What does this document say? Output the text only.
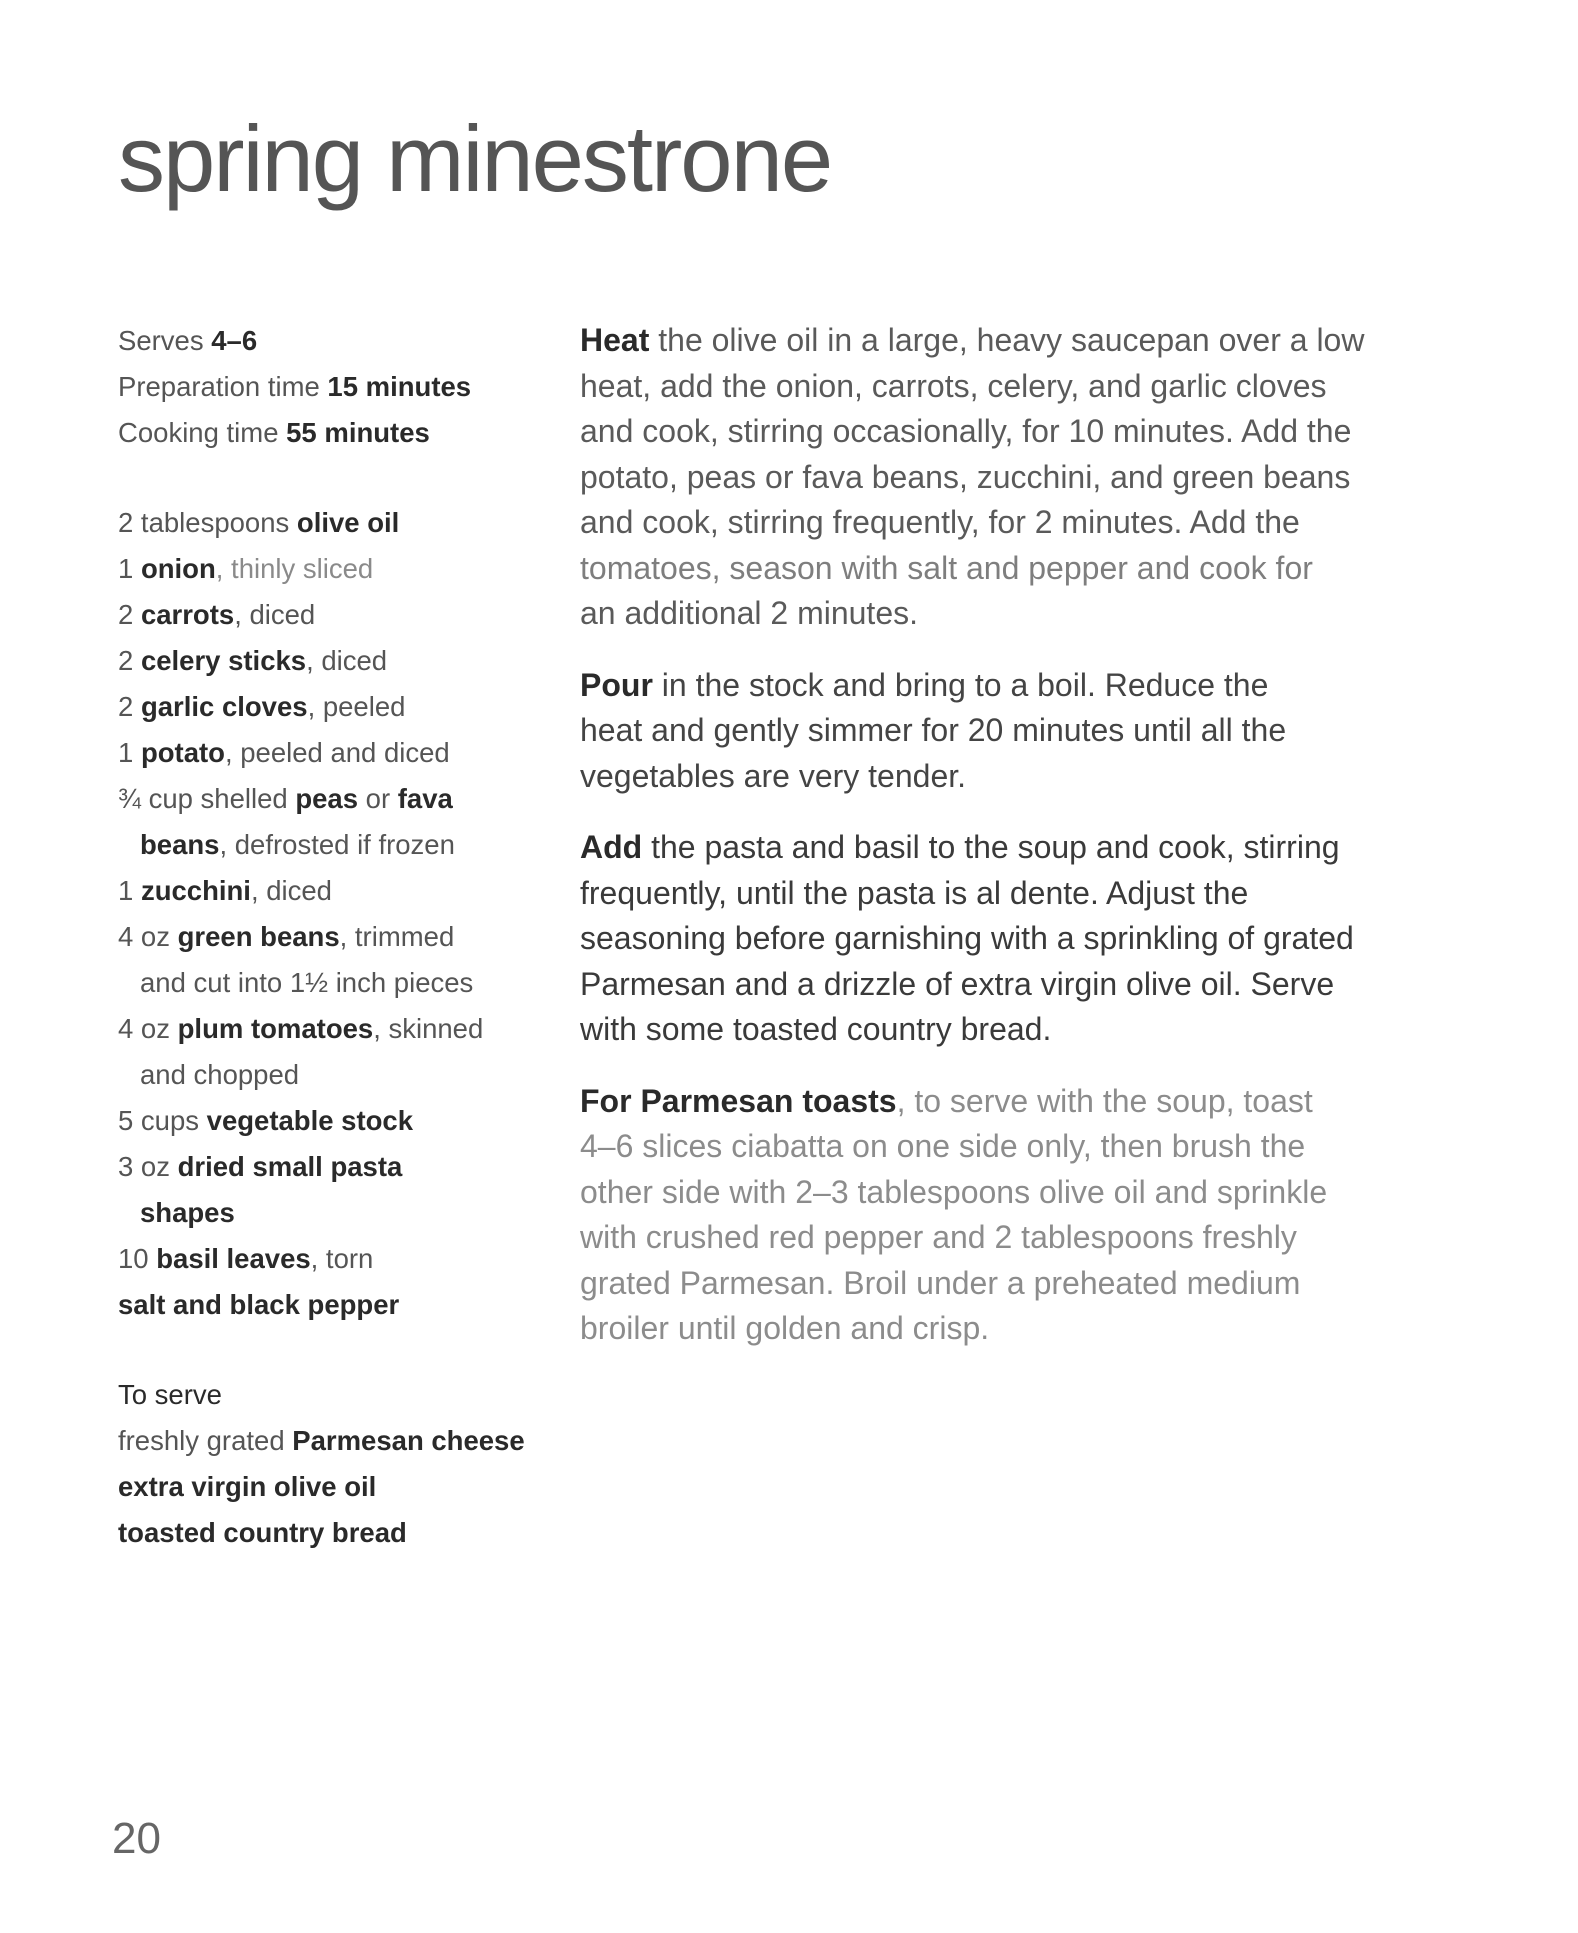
spring minestrone
Serves 4–6
Preparation time 15 minutes
Cooking time 55 minutes
2 tablespoons olive oil
1 onion, thinly sliced
2 carrots, diced
2 celery sticks, diced
2 garlic cloves, peeled
1 potato, peeled and diced
¾ cup shelled peas or fava
beans, defrosted if frozen
1 zucchini, diced
4 oz green beans, trimmed
and cut into 1½ inch pieces
4 oz plum tomatoes, skinned
and chopped
5 cups vegetable stock
3 oz dried small pasta
shapes
10 basil leaves, torn
salt and black pepper
To serve
freshly grated Parmesan cheese
extra virgin olive oil
toasted country bread

Heat the olive oil in a large, heavy saucepan over a low
heat, add the onion, carrots, celery, and garlic cloves
and cook, stirring occasionally, for 10 minutes. Add the
potato, peas or fava beans, zucchini, and green beans
and cook, stirring frequently, for 2 minutes. Add the
tomatoes, season with salt and pepper and cook for
an additional 2 minutes.

Pour in the stock and bring to a boil. Reduce the
heat and gently simmer for 20 minutes until all the
vegetables are very tender.

Add the pasta and basil to the soup and cook, stirring
frequently, until the pasta is al dente. Adjust the
seasoning before garnishing with a sprinkling of grated
Parmesan and a drizzle of extra virgin olive oil. Serve
with some toasted country bread.

For Parmesan toasts, to serve with the soup, toast
4–6 slices ciabatta on one side only, then brush the
other side with 2–3 tablespoons olive oil and sprinkle
with crushed red pepper and 2 tablespoons freshly
grated Parmesan. Broil under a preheated medium
broiler until golden and crisp.

20
